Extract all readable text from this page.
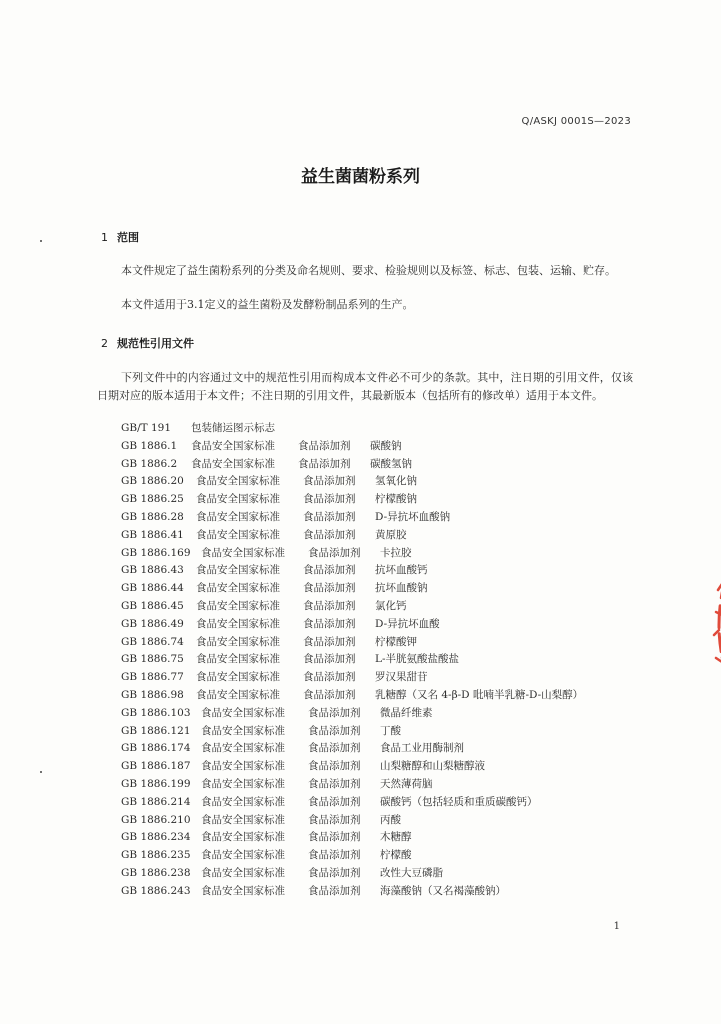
Q/ASKJ 0001S—2023
益生菌菌粉系列
1 范围
本文件规定了益生菌粉系列的分类及命名规则、要求、检验规则以及标签、标志、包装、运输、贮存。
本文件适用于3.1定义的益生菌粉及发酵粉制品系列的生产。
2 规范性引用文件
下列文件中的内容通过文中的规范性引用而构成本文件必不可少的条款。其中，注日期的引用文件，仅该日期对应的版本适用于本文件；不注日期的引用文件，其最新版本（包括所有的修改单）适用于本文件。
GB/T 191 包装储运图示标志
GB 1886.1 食品安全国家标准 食品添加剂 碳酸钠
GB 1886.2 食品安全国家标准 食品添加剂 碳酸氢钠
GB 1886.20 食品安全国家标准 食品添加剂 氢氧化钠
GB 1886.25 食品安全国家标准 食品添加剂 柠檬酸钠
GB 1886.28 食品安全国家标准 食品添加剂 D-异抗坏血酸钠
GB 1886.41 食品安全国家标准 食品添加剂 黄原胶
GB 1886.169 食品安全国家标准 食品添加剂 卡拉胶
GB 1886.43 食品安全国家标准 食品添加剂 抗坏血酸钙
GB 1886.44 食品安全国家标准 食品添加剂 抗坏血酸钠
GB 1886.45 食品安全国家标准 食品添加剂 氯化钙
GB 1886.49 食品安全国家标准 食品添加剂 D-异抗坏血酸
GB 1886.74 食品安全国家标准 食品添加剂 柠檬酸钾
GB 1886.75 食品安全国家标准 食品添加剂 L-半胱氨酸盐酸盐
GB 1886.77 食品安全国家标准 食品添加剂 罗汉果甜苷
GB 1886.98 食品安全国家标准 食品添加剂 乳糖醇（又名 4-β-D 吡喃半乳糖-D-山梨醇）
GB 1886.103 食品安全国家标准 食品添加剂 微晶纤维素
GB 1886.121 食品安全国家标准 食品添加剂 丁酸
GB 1886.174 食品安全国家标准 食品添加剂 食品工业用酶制剂
GB 1886.187 食品安全国家标准 食品添加剂 山梨糖醇和山梨糖醇液
GB 1886.199 食品安全国家标准 食品添加剂 天然薄荷脑
GB 1886.214 食品安全国家标准 食品添加剂 碳酸钙（包括轻质和重质碳酸钙）
GB 1886.210 食品安全国家标准 食品添加剂 丙酸
GB 1886.234 食品安全国家标准 食品添加剂 木糖醇
GB 1886.235 食品安全国家标准 食品添加剂 柠檬酸
GB 1886.238 食品安全国家标准 食品添加剂 改性大豆磷脂
GB 1886.243 食品安全国家标准 食品添加剂 海藻酸钠（又名褐藻酸钠）
1
